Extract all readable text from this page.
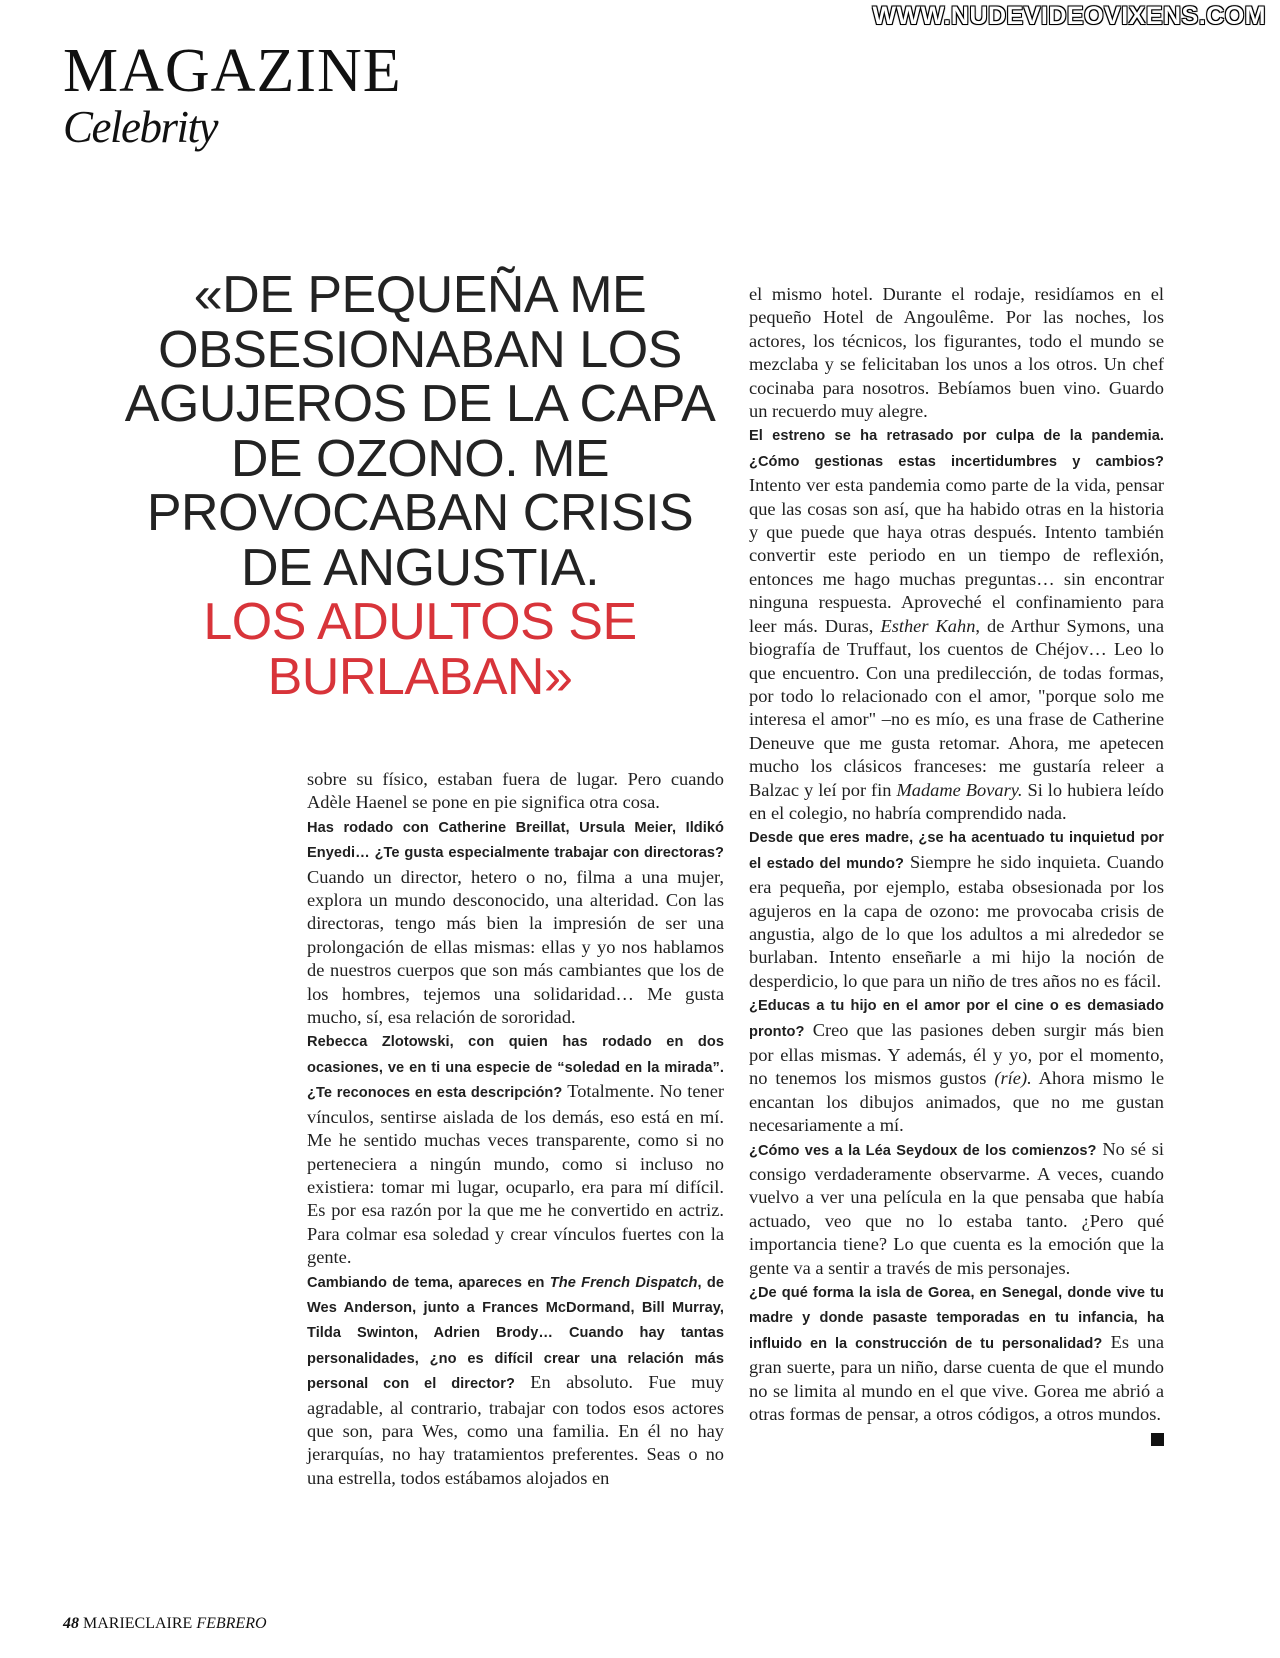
WWW.NUDEVIDEOVIXENS.COM
MAGAZINE
Celebrity
«DE PEQUEÑA ME OBSESIONABAN LOS AGUJEROS DE LA CAPA DE OZONO. ME PROVOCABAN CRISIS DE ANGUSTIA.
LOS ADULTOS SE BURLABAN»

sobre su físico, estaban fuera de lugar. Pero cuando Adèle Haenel se pone en pie significa otra cosa.

Has rodado con Catherine Breillat, Ursula Meier, Ildikó Enyedi… ¿Te gusta especialmente trabajar con directoras? Cuando un director, hetero o no, filma a una mujer, explora un mundo desconocido, una alteridad. Con las directoras, tengo más bien la impresión de ser una prolongación de ellas mismas: ellas y yo nos hablamos de nuestros cuerpos que son más cambiantes que los de los hombres, tejemos una solidaridad… Me gusta mucho, sí, esa relación de sororidad.

Rebecca Zlotowski, con quien has rodado en dos ocasiones, ve en ti una especie de “soledad en la mirada”. ¿Te reconoces en esta descripción? Totalmente. No tener vínculos, sentirse aislada de los demás, eso está en mí. Me he sentido muchas veces transparente, como si no perteneciera a ningún mundo, como si incluso no existiera: tomar mi lugar, ocuparlo, era para mí difícil. Es por esa razón por la que me he convertido en actriz. Para colmar esa soledad y crear vínculos fuertes con la gente.

Cambiando de tema, apareces en The French Dispatch, de Wes Anderson, junto a Frances McDormand, Bill Murray, Tilda Swinton, Adrien Brody… Cuando hay tantas personalidades, ¿no es difícil crear una relación más personal con el director? En absoluto. Fue muy agradable, al contrario, trabajar con todos esos actores que son, para Wes, como una familia. En él no hay jerarquías, no hay tratamientos preferentes. Seas o no una estrella, todos estábamos alojados en

el mismo hotel. Durante el rodaje, residíamos en el pequeño Hotel de Angoulême. Por las noches, los actores, los técnicos, los figurantes, todo el mundo se mezclaba y se felicitaban los unos a los otros. Un chef cocinaba para nosotros. Bebíamos buen vino. Guardo un recuerdo muy alegre.

El estreno se ha retrasado por culpa de la pandemia. ¿Cómo gestionas estas incertidumbres y cambios? Intento ver esta pandemia como parte de la vida, pensar que las cosas son así, que ha habido otras en la historia y que puede que haya otras después. Intento también convertir este periodo en un tiempo de reflexión, entonces me hago muchas preguntas… sin encontrar ninguna respuesta. Aproveché el confinamiento para leer más. Duras, Esther Kahn, de Arthur Symons, una biografía de Truffaut, los cuentos de Chéjov… Leo lo que encuentro. Con una predilección, de todas formas, por todo lo relacionado con el amor, "porque solo me interesa el amor" –no es mío, es una frase de Catherine Deneuve que me gusta retomar. Ahora, me apetecen mucho los clásicos franceses: me gustaría releer a Balzac y leí por fin Madame Bovary. Si lo hubiera leído en el colegio, no habría comprendido nada.

Desde que eres madre, ¿se ha acentuado tu inquietud por el estado del mundo? Siempre he sido inquieta. Cuando era pequeña, por ejemplo, estaba obsesionada por los agujeros en la capa de ozono: me provocaba crisis de angustia, algo de lo que los adultos a mi alrededor se burlaban. Intento enseñarle a mi hijo la noción de desperdicio, lo que para un niño de tres años no es fácil.

¿Educas a tu hijo en el amor por el cine o es demasiado pronto? Creo que las pasiones deben surgir más bien por ellas mismas. Y además, él y yo, por el momento, no tenemos los mismos gustos (ríe). Ahora mismo le encantan los dibujos animados, que no me gustan necesariamente a mí.

¿Cómo ves a la Léa Seydoux de los comienzos? No sé si consigo verdaderamente observarme. A veces, cuando vuelvo a ver una película en la que pensaba que había actuado, veo que no lo estaba tanto. ¿Pero qué importancia tiene? Lo que cuenta es la emoción que la gente va a sentir a través de mis personajes.

¿De qué forma la isla de Gorea, en Senegal, donde vive tu madre y donde pasaste temporadas en tu infancia, ha influido en la construcción de tu personalidad? Es una gran suerte, para un niño, darse cuenta de que el mundo no se limita al mundo en el que vive. Gorea me abrió a otras formas de pensar, a otros códigos, a otros mundos.

48 MARIECLAIRE FEBRERO
